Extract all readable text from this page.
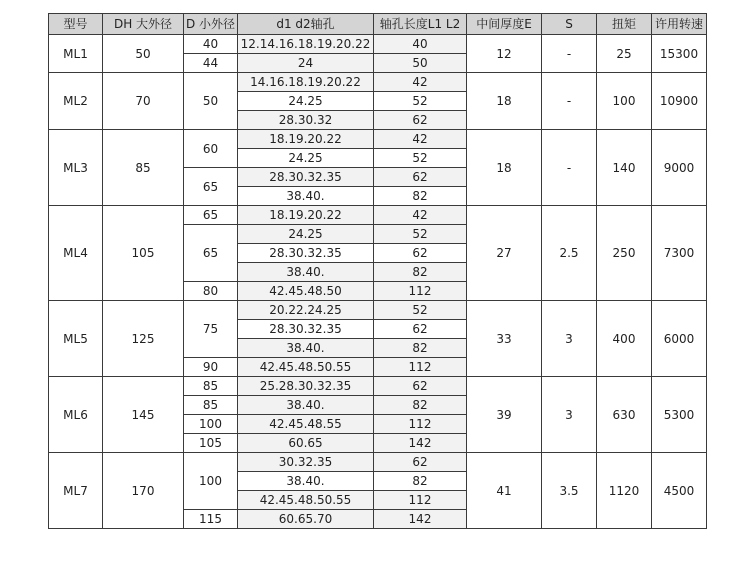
型号	DH 大外径	D 小外径	d1 d2轴孔	轴孔长度L1 L2	中间厚度E	S	扭矩	许用转速
ML1	50	40	12.14.16.18.19.20.22	40	12	-	25	15300
		44	24	50				
ML2	70	50	14.16.18.19.20.22	42	18	-	100	10900
			24.25	52				
			28.30.32	62				
ML3	85	60	18.19.20.22	42	18	-	140	9000
			24.25	52				
		65	28.30.32.35	62				
			38.40.	82				
ML4	105	65	18.19.20.22	42	27	2.5	250	7300
		65	24.25	52				
			28.30.32.35	62				
			38.40.	82				
		80	42.45.48.50	112				
ML5	125	75	20.22.24.25	52	33	3	400	6000
			28.30.32.35	62				
			38.40.	82				
		90	42.45.48.50.55	112				
ML6	145	85	25.28.30.32.35	62	39	3	630	5300
		85	38.40.	82				
		100	42.45.48.55	112				
		105	60.65	142				
ML7	170	100	30.32.35	62	41	3.5	1120	4500
			38.40.	82				
			42.45.48.50.55	112				
		115	60.65.70	142				
